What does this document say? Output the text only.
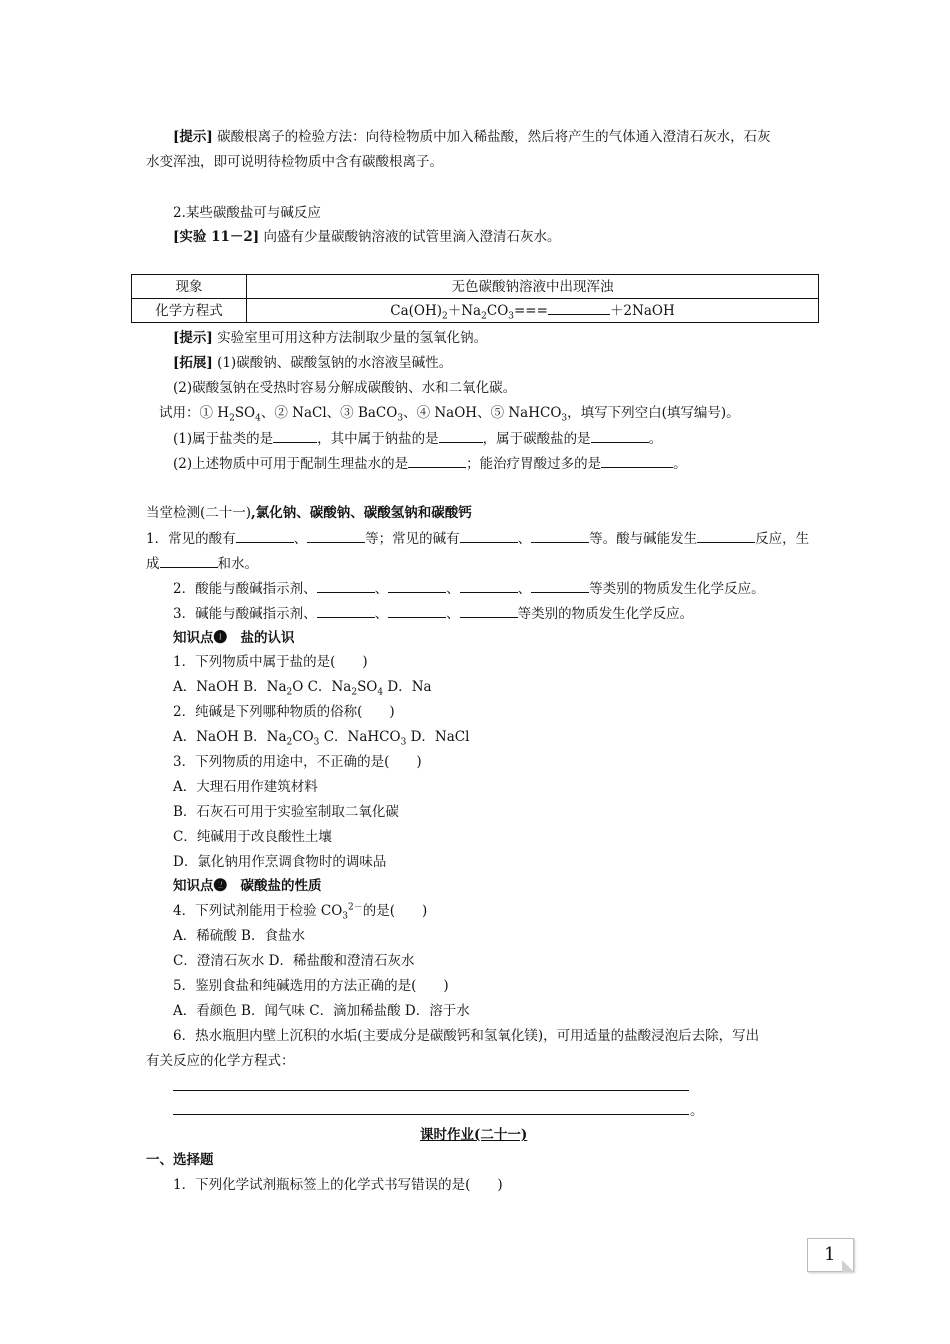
[提示] 碳酸根离子的检验方法：向待检物质中加入稀盐酸，然后将产生的气体通入澄清石灰水，石灰
水变浑浊，即可说明待检物质中含有碳酸根离子。
2.某些碳酸盐可与碱反应
[实验 11－2] 向盛有少量碳酸钠溶液的试管里滴入澄清石灰水。
现象	无色碳酸钠溶液中出现浑浊
化学方程式	$Ca(OH)_2+Na_2CO_3===$ ＋2NaOH
[提示] 实验室里可用这种方法制取少量的氢氧化钠。
[拓展] (1)碳酸钠、碳酸氢钠的水溶液呈碱性。
(2)碳酸氢钠在受热时容易分解成碳酸钠、水和二氧化碳。
试用：① $H_2SO_4$、② NaCl、③ BaCO$_3$、④ NaOH、⑤ NaHCO$_3$，填写下列空白(填写编号)。
(1)属于盐类的是	，其中属于钠盐的是	，属于碳酸盐的是	。
(2)上述物质中可用于配制生理盐水的是	；能治疗胃酸过多的是	。
当堂检测(二十一),氯化钠、碳酸钠、碳酸氢钠和碳酸钙
1．常见的酸有	、	等；常见的碱有	、	等。酸与碱能发生	反应，生
成	和水。
2．酸能与酸碱指示剂、	、	、	、	等类别的物质发生化学反应。
3．碱能与酸碱指示剂、	、	、	等类别的物质发生化学反应。
知识点❶　盐的认识
1．下列物质中属于盐的是(　　)
A．NaOH B．$Na_2O$ C．$Na_2SO_4$ D．Na
2．纯碱是下列哪种物质的俗称(　　)
A．NaOH B．$Na_2CO_3$ C．NaHCO$_3$ D．NaCl
3．下列物质的用途中，不正确的是(　　)
A．大理石用作建筑材料
B．石灰石可用于实验室制取二氧化碳
C．纯碱用于改良酸性土壤
D．氯化钠用作烹调食物时的调味品
知识点❷　碳酸盐的性质
4．下列试剂能用于检验 $CO_3^{2-}$的是(　　)
A．稀硫酸 B．食盐水
C．澄清石灰水 D．稀盐酸和澄清石灰水
5．鉴别食盐和纯碱选用的方法正确的是(　　)
A．看颜色 B．闻气味 C．滴加稀盐酸 D．溶于水
6．热水瓶胆内壁上沉积的水垢(主要成分是碳酸钙和氢氧化镁)，可用适量的盐酸浸泡后去除，写出
有关反应的化学方程式：
。
课时作业(二十一)
一、选择题
1．下列化学试剂瓶标签上的化学式书写错误的是(　　)
1
